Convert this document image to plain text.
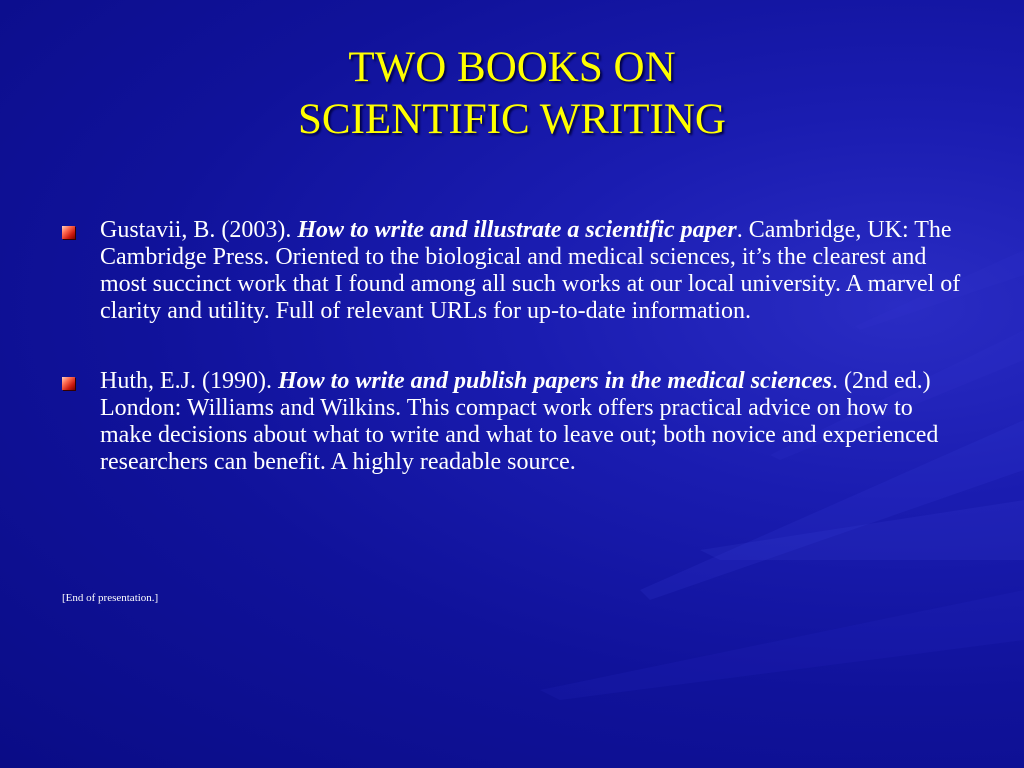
TWO BOOKS ON
SCIENTIFIC WRITING
Gustavii, B. (2003). How to write and illustrate a scientific paper. Cambridge, UK: The Cambridge Press. Oriented to the biological and medical sciences, it’s the clearest and most succinct work that I found among all such works at our local university. A marvel of clarity and utility. Full of relevant URLs for up-to-date information.
Huth, E.J. (1990). How to write and publish papers in the medical sciences. (2nd ed.) London: Williams and Wilkins. This compact work offers practical advice on how to make decisions about what to write and what to leave out; both novice and experienced researchers can benefit. A highly readable source.
[End of presentation.]
